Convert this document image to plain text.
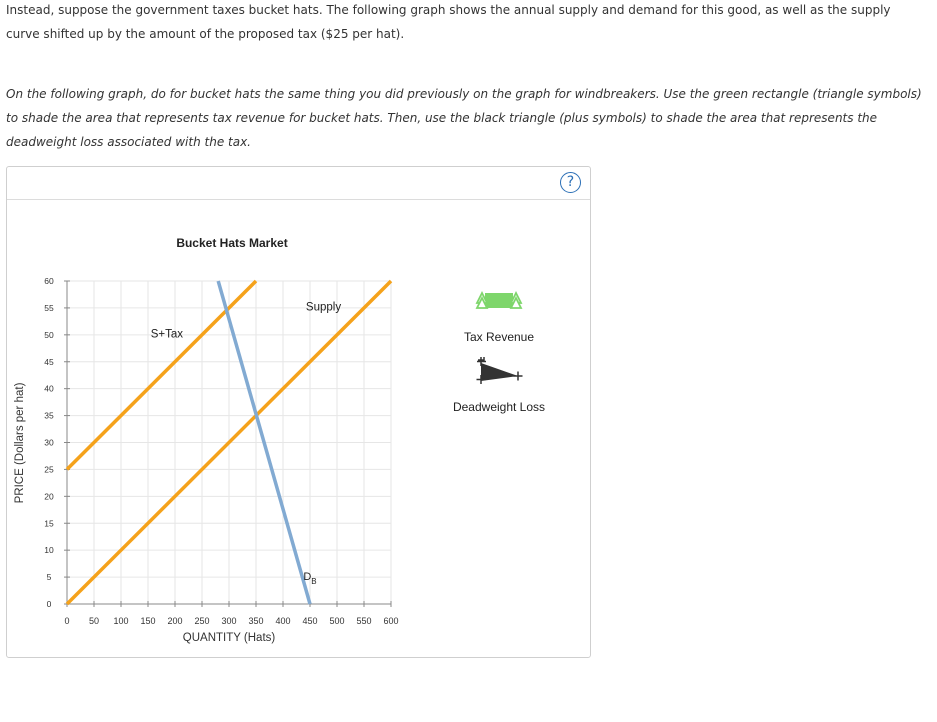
Instead, suppose the government taxes bucket hats. The following graph shows the annual supply and demand for this good, as well as the supply curve shifted up by the amount of the proposed tax ($25 per hat).

On the following graph, do for bucket hats the same thing you did previously on the graph for windbreakers. Use the green rectangle (triangle symbols) to shade the area that represents tax revenue for bucket hats. Then, use the black triangle (plus symbols) to shade the area that represents the deadweight loss associated with the tax.

?
0 50 100 150 200 250 300 350 400 450 500 550 600
0
5
10
15
20
25
30
35
40
45
50
55
60
Supply
S+Tax
$D_B$
Bucket Hats Market
QUANTITY (Hats)
PRICE (Dollars per hat)
Tax Revenue
Deadweight Loss
